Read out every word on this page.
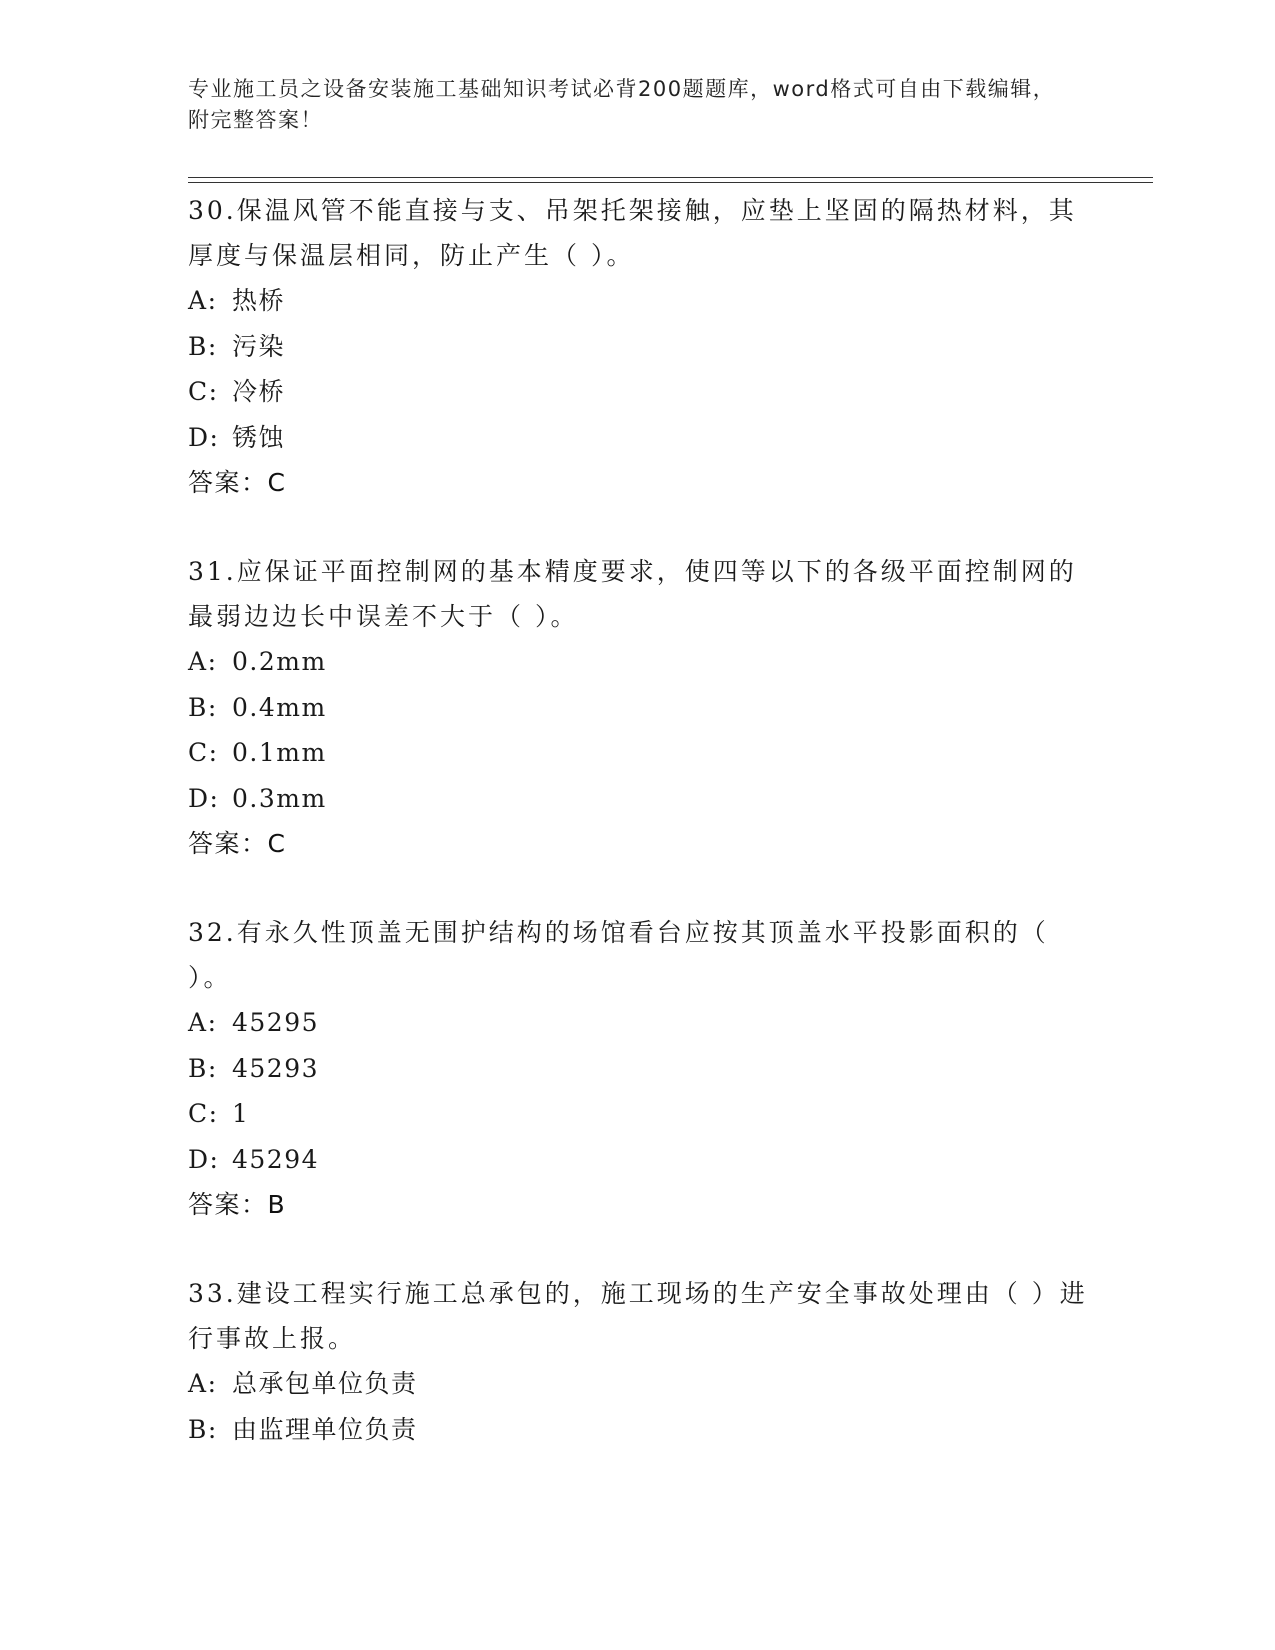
专业施工员之设备安装施工基础知识考试必背200题题库，word格式可自由下载编辑，附完整答案！
30.保温风管不能直接与支、吊架托架接触，应垫上坚固的隔热材料，其厚度与保温层相同，防止产生（ ）。
A: 热桥
B: 污染
C: 冷桥
D: 锈蚀
答案：C
31.应保证平面控制网的基本精度要求，使四等以下的各级平面控制网的最弱边边长中误差不大于（ ）。
A: 0.2mm
B: 0.4mm
C: 0.1mm
D: 0.3mm
答案：C
32.有永久性顶盖无围护结构的场馆看台应按其顶盖水平投影面积的（ ）。
A: 45295
B: 45293
C: 1
D: 45294
答案：B
33.建设工程实行施工总承包的，施工现场的生产安全事故处理由（ ）进行事故上报。
A: 总承包单位负责
B: 由监理单位负责
